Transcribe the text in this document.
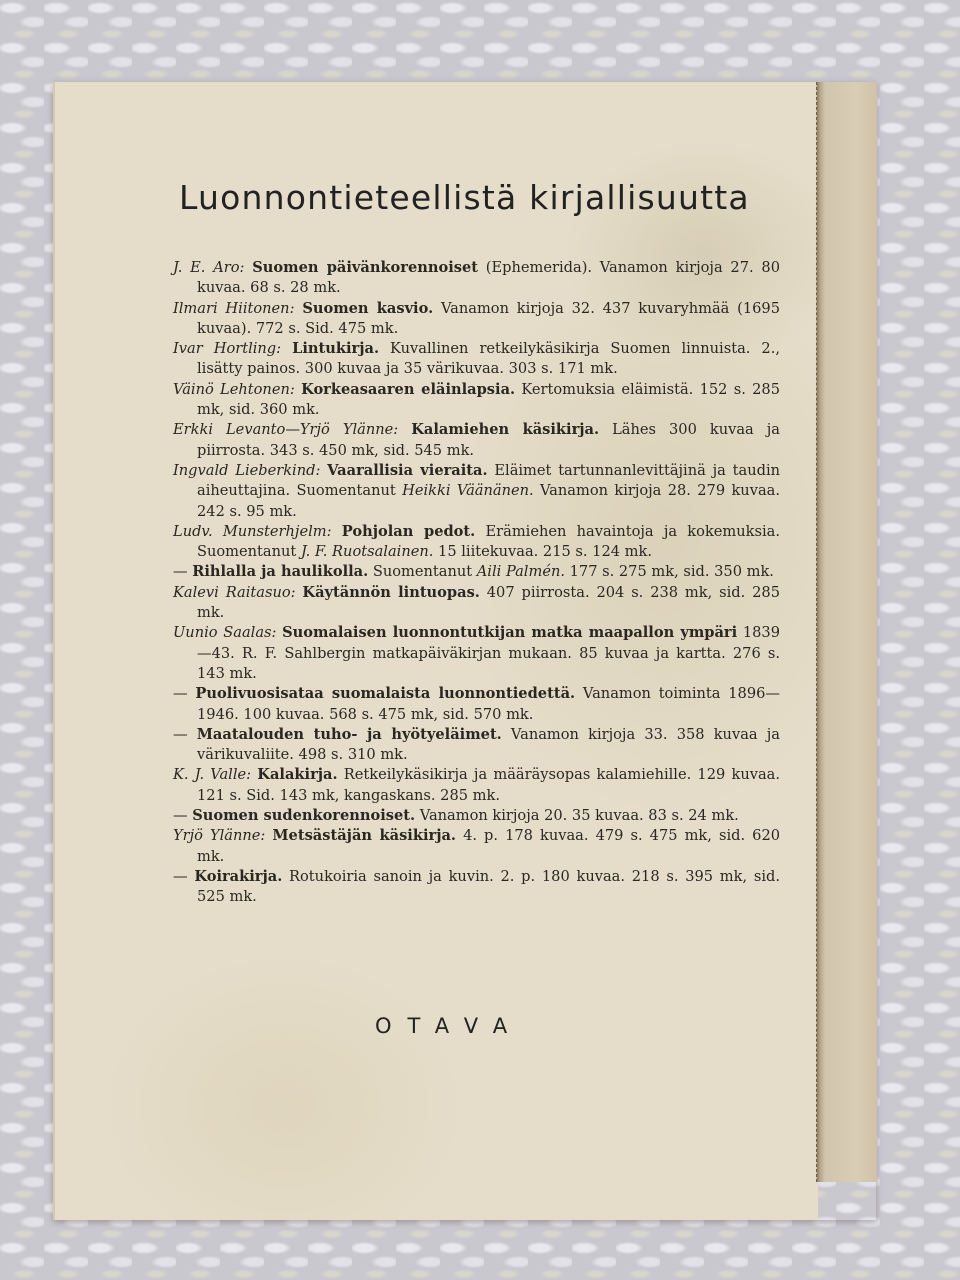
Luonnontieteellistä kirjallisuutta
J. E. Aro: Suomen päivänkorennoiset (Ephemerida). Vanamon kirjoja 27. 80 kuvaa. 68 s. 28 mk.
Ilmari Hiitonen: Suomen kasvio. Vanamon kirjoja 32. 437 kuvaryhmää (1695 kuvaa). 772 s. Sid. 475 mk.
Ivar Hortling: Lintukirja. Kuvallinen retkeilykäsikirja Suomen linnuista. 2., lisätty painos. 300 kuvaa ja 35 värikuvaa. 303 s. 171 mk.
Väinö Lehtonen: Korkeasaaren eläinlapsia. Kertomuksia eläimistä. 152 s. 285 mk, sid. 360 mk.
Erkki Levanto—Yrjö Ylänne: Kalamiehen käsikirja. Lähes 300 kuvaa ja piirrosta. 343 s. 450 mk, sid. 545 mk.
Ingvald Lieberkind: Vaarallisia vieraita. Eläimet tartunnanlevittäjinä ja taudin aiheuttajina. Suomentanut Heikki Väänänen. Vanamon kirjoja 28. 279 kuvaa. 242 s. 95 mk.
Ludv. Munsterhjelm: Pohjolan pedot. Erämiehen havaintoja ja kokemuksia. Suomentanut J. F. Ruotsalainen. 15 liitekuvaa. 215 s. 124 mk.
— Rihlalla ja haulikolla. Suomentanut Aili Palmén. 177 s. 275 mk, sid. 350 mk.
Kalevi Raitasuo: Käytännön lintuopas. 407 piirrosta. 204 s. 238 mk, sid. 285 mk.
Uunio Saalas: Suomalaisen luonnontutkijan matka maapallon ympäri 1839—43. R. F. Sahlbergin matkapäiväkirjan mukaan. 85 kuvaa ja kartta. 276 s. 143 mk.
— Puolivuosisataa suomalaista luonnontiedettä. Vanamon toiminta 1896—1946. 100 kuvaa. 568 s. 475 mk, sid. 570 mk.
— Maatalouden tuho- ja hyötyeläimet. Vanamon kirjoja 33. 358 kuvaa ja värikuvaliite. 498 s. 310 mk.
K. J. Valle: Kalakirja. Retkeilykäsikirja ja määräysopas kalamiehille. 129 kuvaa. 121 s. Sid. 143 mk, kangaskans. 285 mk.
— Suomen sudenkorennoiset. Vanamon kirjoja 20. 35 kuvaa. 83 s. 24 mk.
Yrjö Ylänne: Metsästäjän käsikirja. 4. p. 178 kuvaa. 479 s. 475 mk, sid. 620 mk.
— Koirakirja. Rotukoiria sanoin ja kuvin. 2. p. 180 kuvaa. 218 s. 395 mk, sid. 525 mk.
OTAVA
